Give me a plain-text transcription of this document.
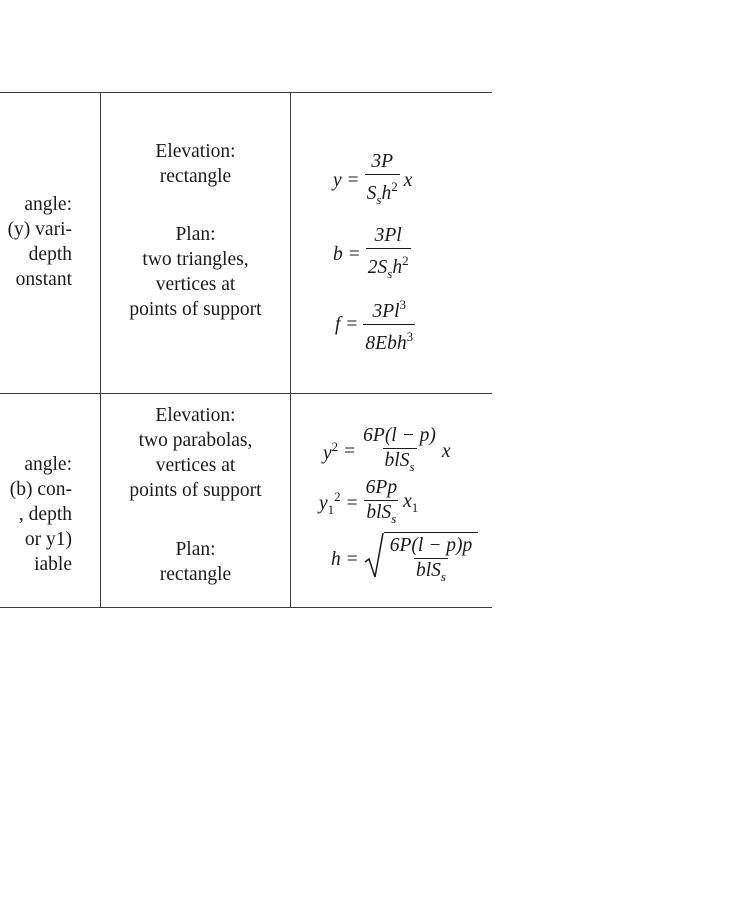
angle:
(y) vari-
depth
onstant
Elevation:
rectangle
Plan:
two triangles,
vertices at
points of support
$y = \frac{3P}{S_sh^2}$ x
$b = \frac{3Pl}{2S_sh^2}$
$f = \frac{3Pl^3}{8Ebh^3}$
angle:
(b) con-
, depth
or y1)
iable
Elevation:
two parabolas,
vertices at
points of support
Plan:
rectangle
$y^2 = \frac{6P(l - p)}{blS_s}$ x
$y_1^2 = \frac{6Pp}{blS_s} x_1$
$h = \frac{6P(l - p)p}{blS_s}$
